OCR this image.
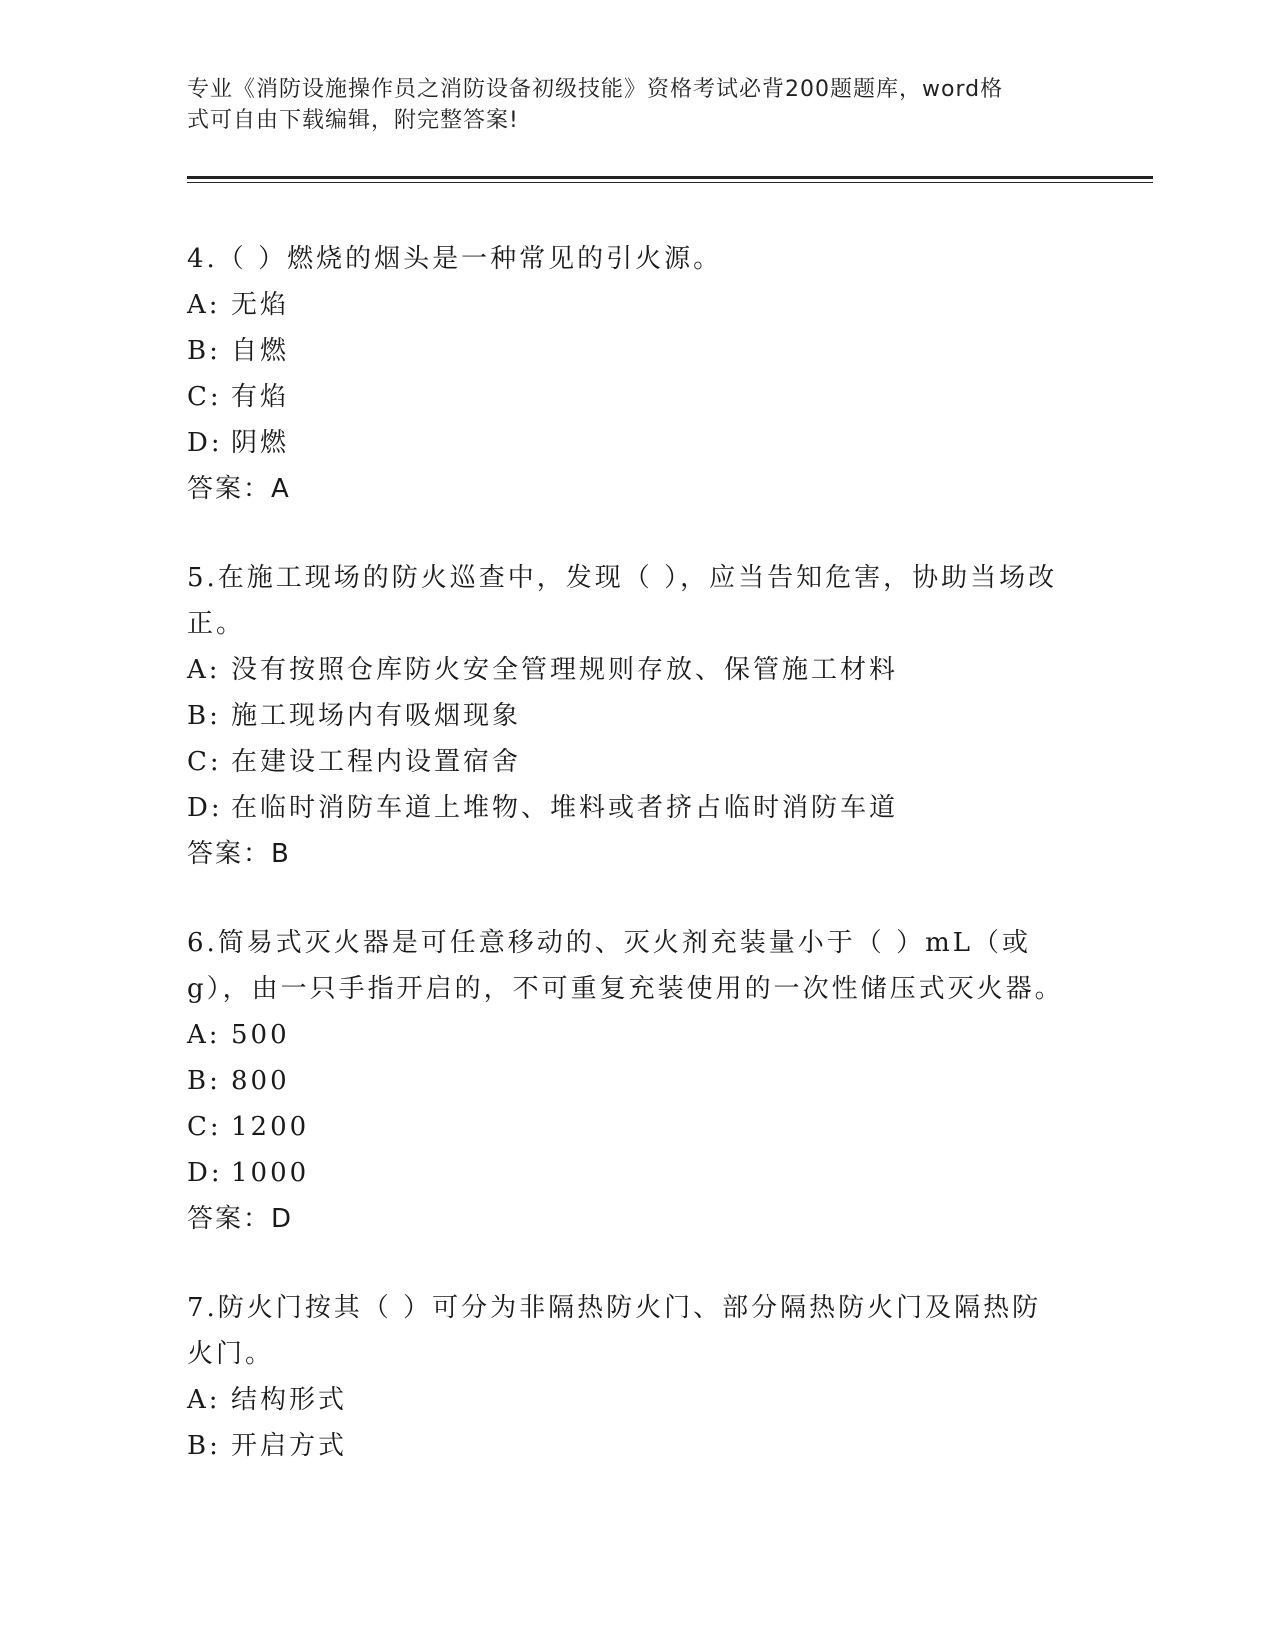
专业《消防设施操作员之消防设备初级技能》资格考试必背200题题库，word格
式可自由下载编辑，附完整答案!

4.（ ）燃烧的烟头是一种常见的引火源。

A: 无焰

B: 自燃

C: 有焰

D: 阴燃

答案：A

5.在施工现场的防火巡查中，发现（ ），应当告知危害，协助当场改正。

A: 没有按照仓库防火安全管理规则存放、保管施工材料

B: 施工现场内有吸烟现象

C: 在建设工程内设置宿舍

D: 在临时消防车道上堆物、堆料或者挤占临时消防车道

答案：B

6.简易式灭火器是可任意移动的、灭火剂充装量小于（ ）mL（或g），由一只手指开启的，不可重复充装使用的一次性储压式灭火器。

A: 500

B: 800

C: 1200

D: 1000

答案：D

7.防火门按其（ ）可分为非隔热防火门、部分隔热防火门及隔热防火门。

A: 结构形式

B: 开启方式
